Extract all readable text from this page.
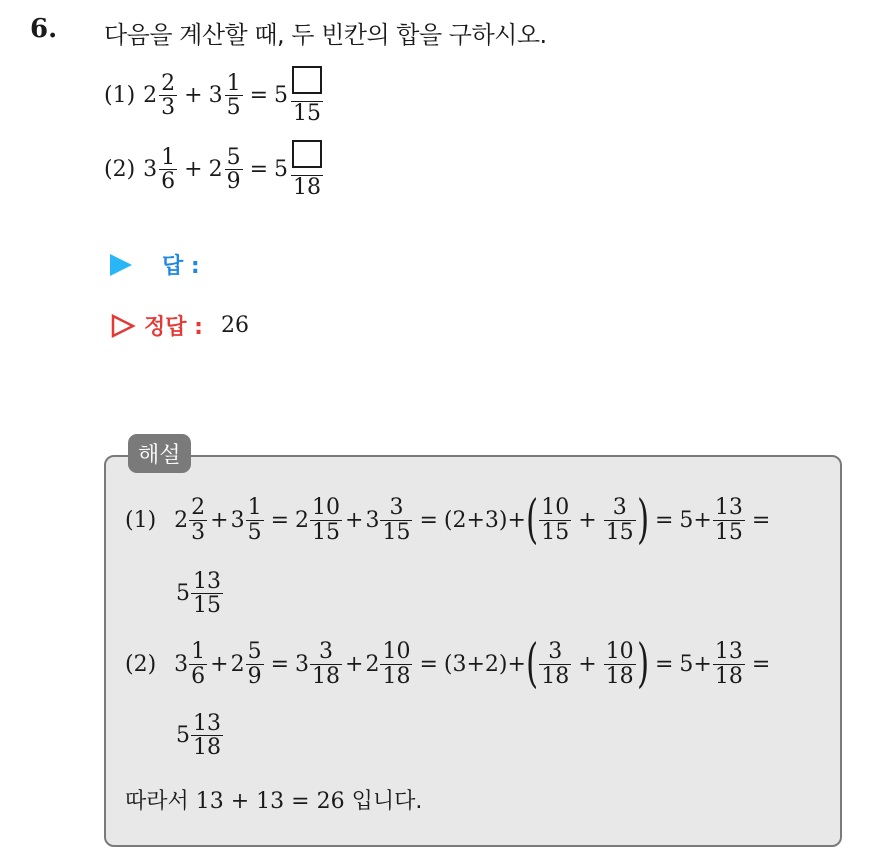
6. 다음을 계산할 때, 두 빈칸의 합을 구하시오.
(1) $2 \frac{2}{3} + 3 \frac{1}{5} = 5$
15
(2) $3 \frac{1}{6} + 2 \frac{5}{9} = 5$
18
답 :
정답 : 26
해설
(1) $2 \frac{2}{3} + 3 \frac{1}{5} = 2 \frac{10}{15} + 3 \frac{3}{15} = (2+3)+$ ( $\frac{10}{15} + \frac{3}{15}$ ) = $5+ \frac{13}{15}$ =
$5 \frac{13}{15}$
(2) $3 \frac{1}{6} + 2 \frac{5}{9} = 3 \frac{3}{18} + 2 \frac{10}{18} = (3+2)+$ ( $\frac{3}{18} + \frac{10}{18}$ ) = $5+ \frac{13}{18}$ =
$5 \frac{13}{18}$
따라서 13 + 13 = 26 입니다.
